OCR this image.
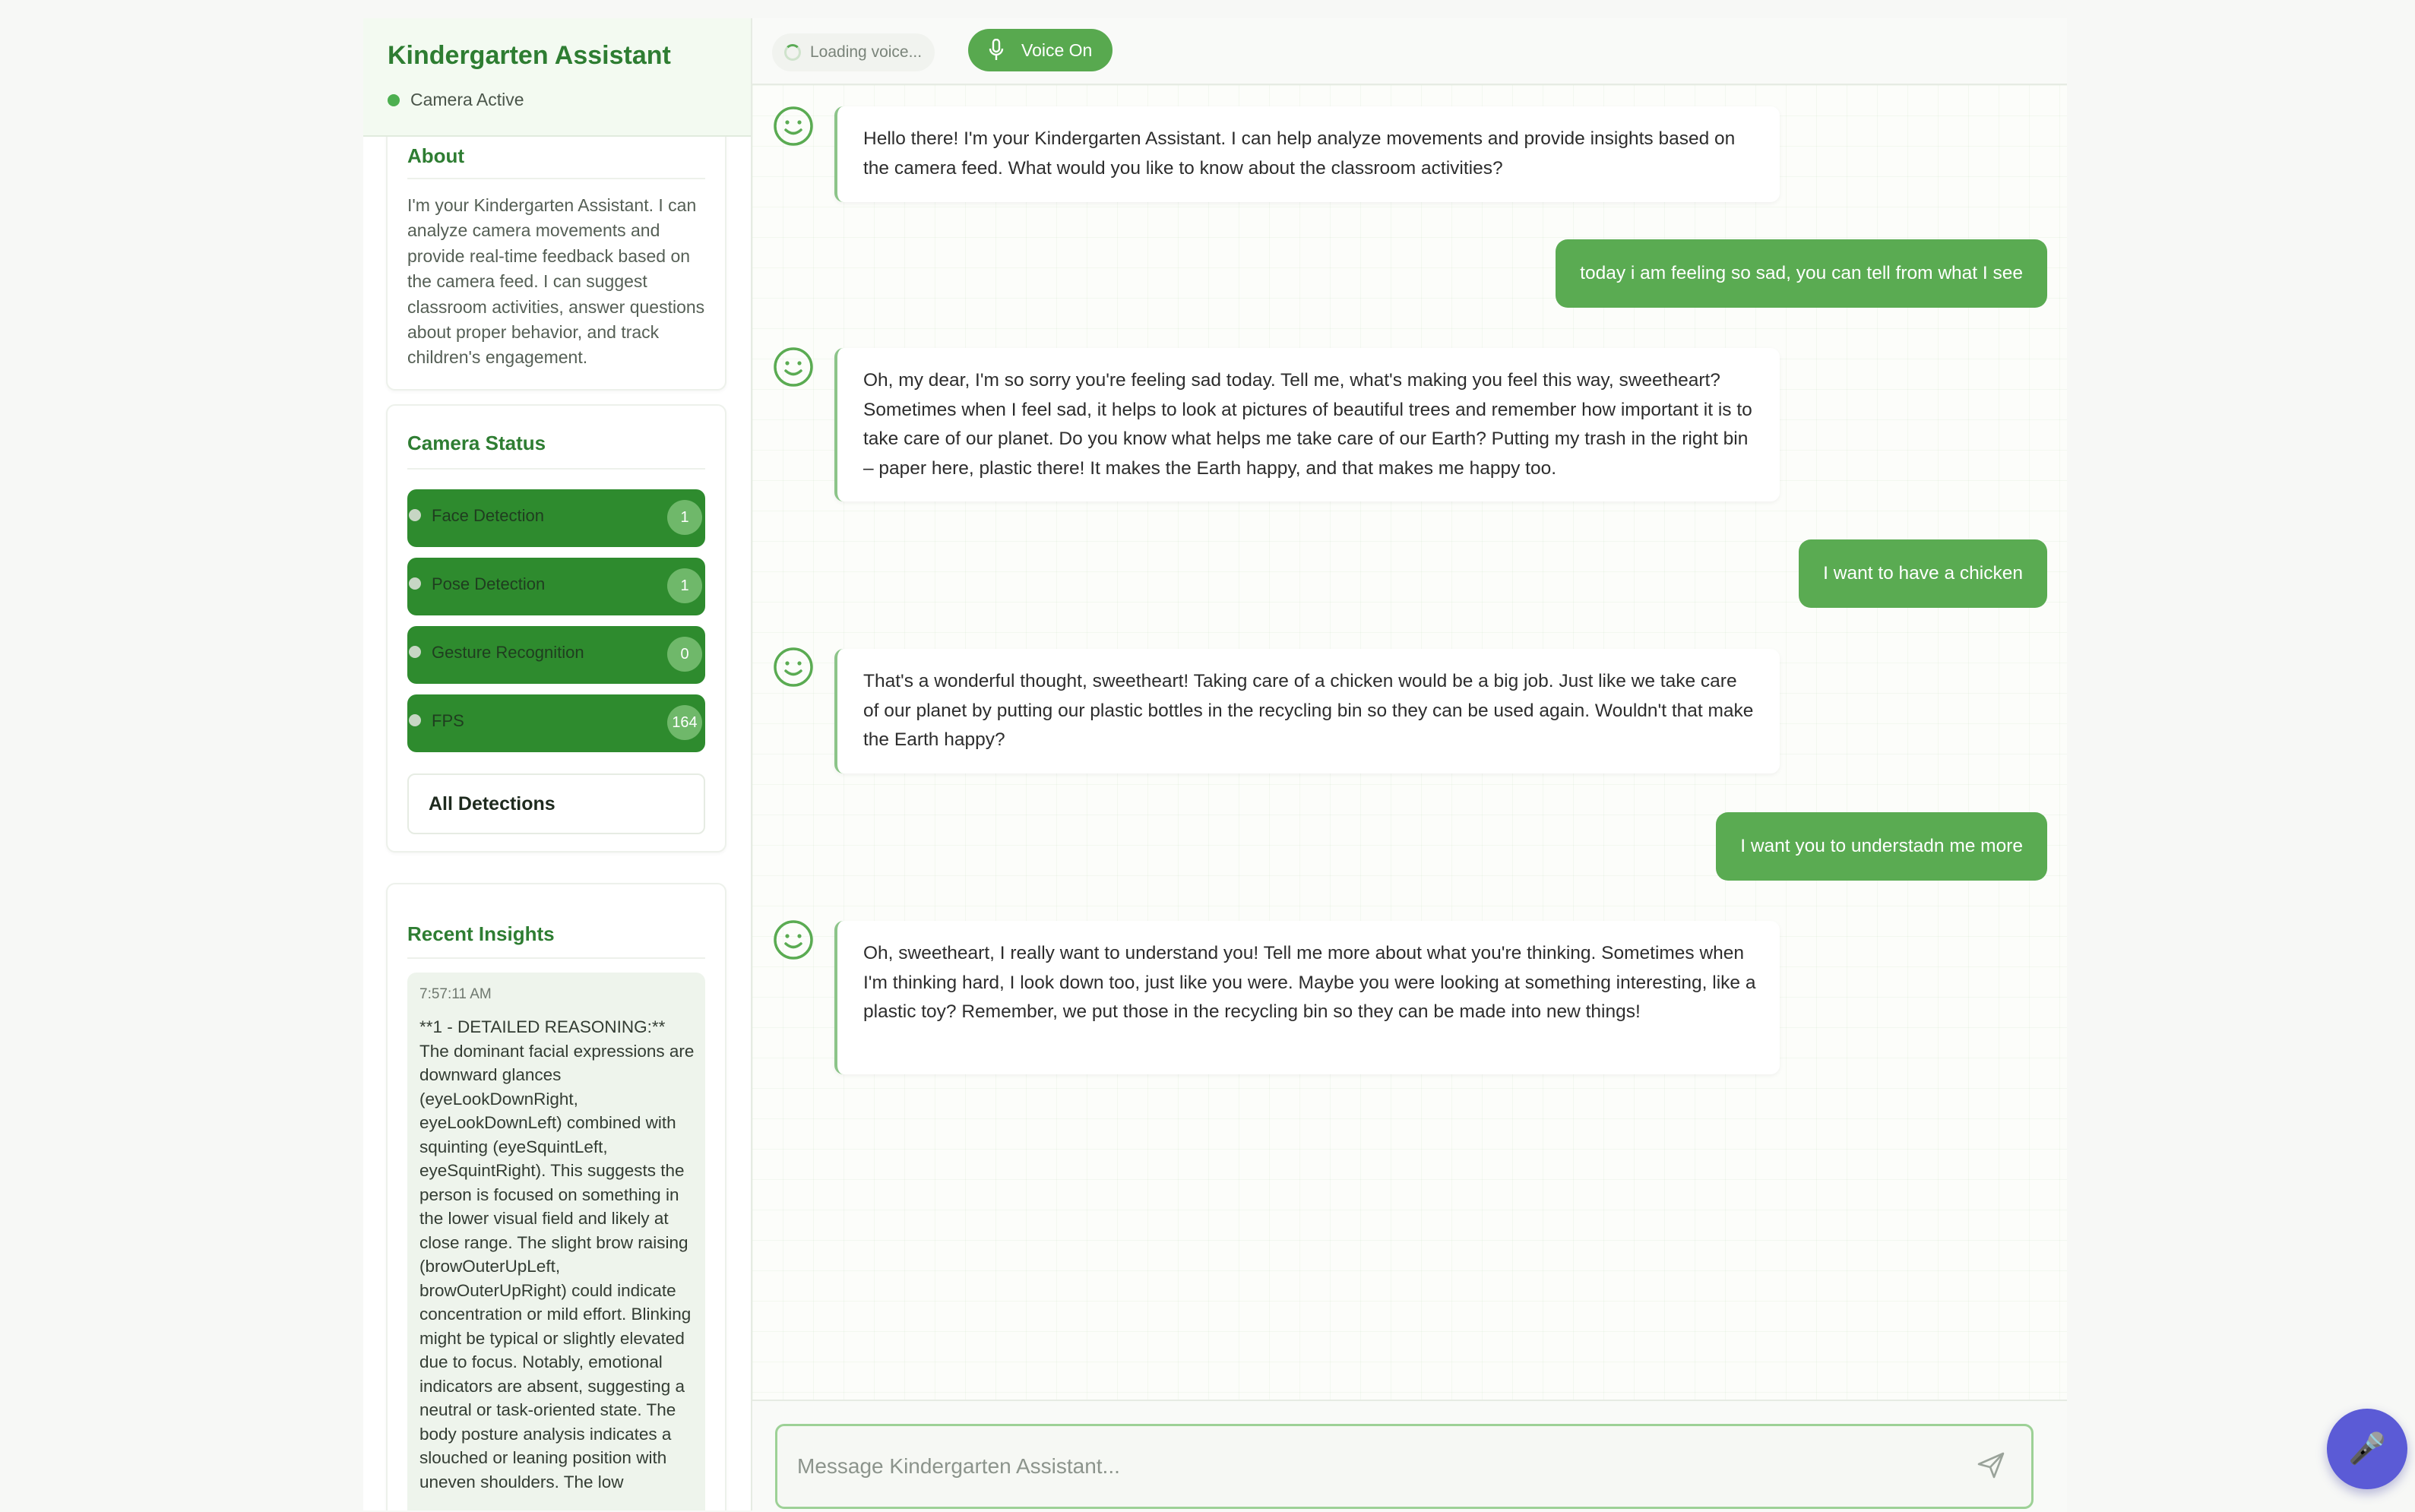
About
I'm your Kindergarten Assistant. I can analyze camera movements and provide real-time feedback based on the camera feed. I can suggest classroom activities, answer questions about proper behavior, and track children's engagement.
Camera Status
Face Detection	1
Pose Detection	1
Gesture Recognition	0
FPS	164
All Detections
Recent Insights
7:57:11 AM
**1 - DETAILED REASONING:** The dominant facial expressions are downward glances (eyeLookDownRight, eyeLookDownLeft) combined with squinting (eyeSquintLeft, eyeSquintRight). This suggests the person is focused on something in the lower visual field and likely at close range. The slight brow raising (browOuterUpLeft, browOuterUpRight) could indicate concentration or mild effort. Blinking might be typical or slightly elevated due to focus. Notably, emotional indicators are absent, suggesting a neutral or task-oriented state. The body posture analysis indicates a slouched or leaning position with uneven shoulders. The low
Kindergarten Assistant
Camera Active
Loading voice...	Voice On
Hello there! I'm your Kindergarten Assistant. I can help analyze movements and provide insights based on the camera feed. What would you like to know about the classroom activities?
today i am feeling so sad, you can tell from what I see
Oh, my dear, I'm so sorry you're feeling sad today. Tell me, what's making you feel this way, sweetheart? Sometimes when I feel sad, it helps to look at pictures of beautiful trees and remember how important it is to take care of our planet. Do you know what helps me take care of our Earth? Putting my trash in the right bin – paper here, plastic there! It makes the Earth happy, and that makes me happy too.
I want to have a chicken
That's a wonderful thought, sweetheart! Taking care of a chicken would be a big job. Just like we take care of our planet by putting our plastic bottles in the recycling bin so they can be used again. Wouldn't that make the Earth happy?
I want you to understadn me more
Oh, sweetheart, I really want to understand you! Tell me more about what you're thinking. Sometimes when I'm thinking hard, I look down too, just like you were. Maybe you were looking at something interesting, like a plastic toy? Remember, we put those in the recycling bin so they can be made into new things!
Message Kindergarten Assistant...
🎤
